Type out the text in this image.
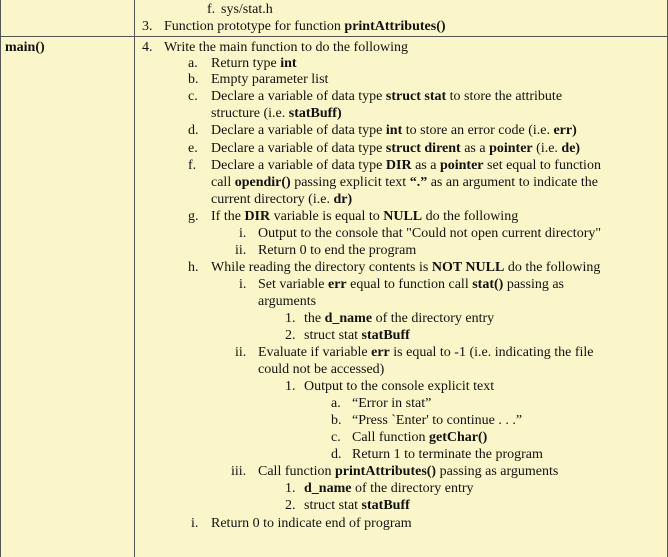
main()
f. sys/stat.h
3. Function prototype for function printAttributes()
4. Write the main function to do the following
a. Return type int
b. Empty parameter list
c. Declare a variable of data type struct stat to store the attribute
structure (i.e. statBuff)
d. Declare a variable of data type int to store an error code (i.e. err)
e. Declare a variable of data type struct dirent as a pointer (i.e. de)
f. Declare a variable of data type DIR as a pointer set equal to function
call opendir() passing explicit text “.” as an argument to indicate the
current directory (i.e. dr)
g. If the DIR variable is equal to NULL do the following
i. Output to the console that "Could not open current directory"
ii. Return 0 to end the program
h. While reading the directory contents is NOT NULL do the following
i. Set variable err equal to function call stat() passing as
arguments
1. the d_name of the directory entry
2. struct stat statBuff
ii. Evaluate if variable err is equal to -1 (i.e. indicating the file
could not be accessed)
1. Output to the console explicit text
a. “Error in stat”
b. “Press `Enter' to continue . . .”
c. Call function getChar()
d. Return 1 to terminate the program
iii. Call function printAttributes() passing as arguments
1. d_name of the directory entry
2. struct stat statBuff
i. Return 0 to indicate end of program
